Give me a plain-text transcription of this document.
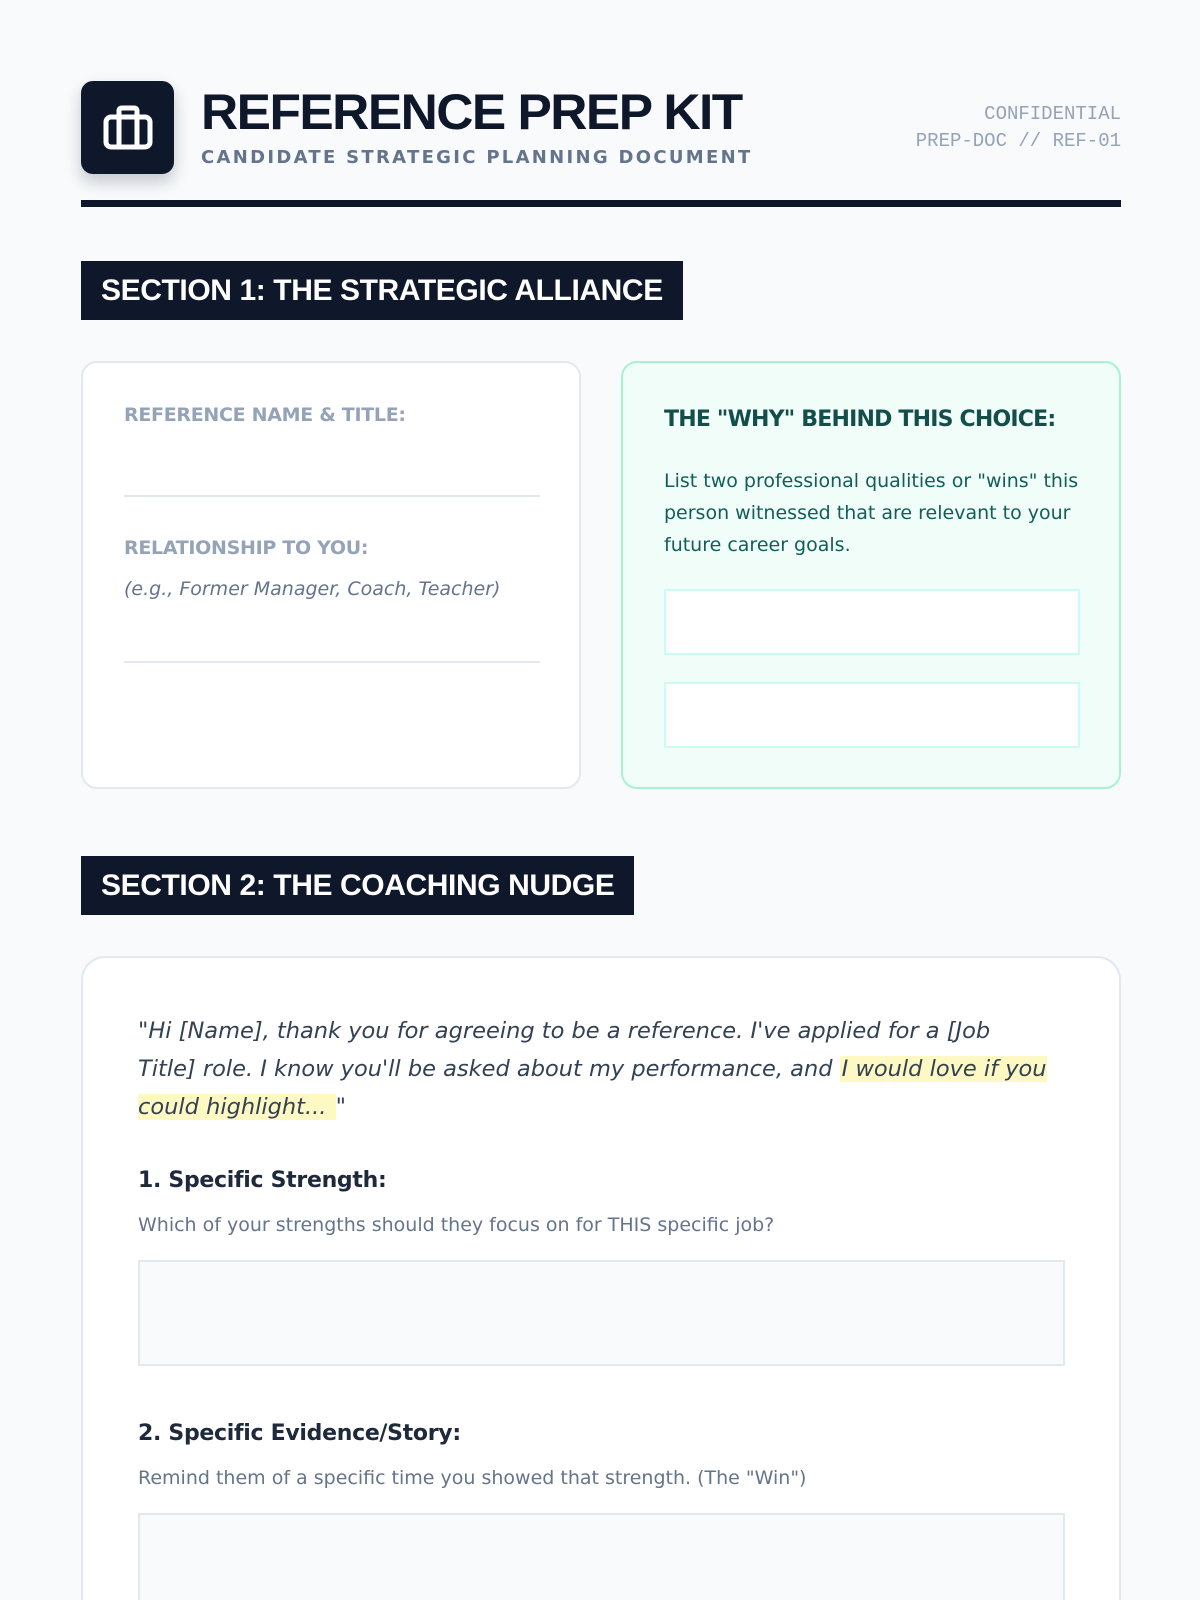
REFERENCE PREP KIT
CANDIDATE STRATEGIC PLANNING DOCUMENT
CONFIDENTIAL
PREP-DOC // REF-01
SECTION 1: THE STRATEGIC ALLIANCE
REFERENCE NAME & TITLE:
RELATIONSHIP TO YOU:
(e.g., Former Manager, Coach, Teacher)
THE "WHY" BEHIND THIS CHOICE:
List two professional qualities or "wins" this person witnessed that are relevant to your future career goals.
SECTION 2: THE COACHING NUDGE
"Hi [Name], thank you for agreeing to be a reference. I've applied for a [Job Title] role. I know you'll be asked about my performance, and I would love if you could highlight... "
1. Specific Strength:
Which of your strengths should they focus on for THIS specific job?
2. Specific Evidence/Story:
Remind them of a specific time you showed that strength. (The "Win")
